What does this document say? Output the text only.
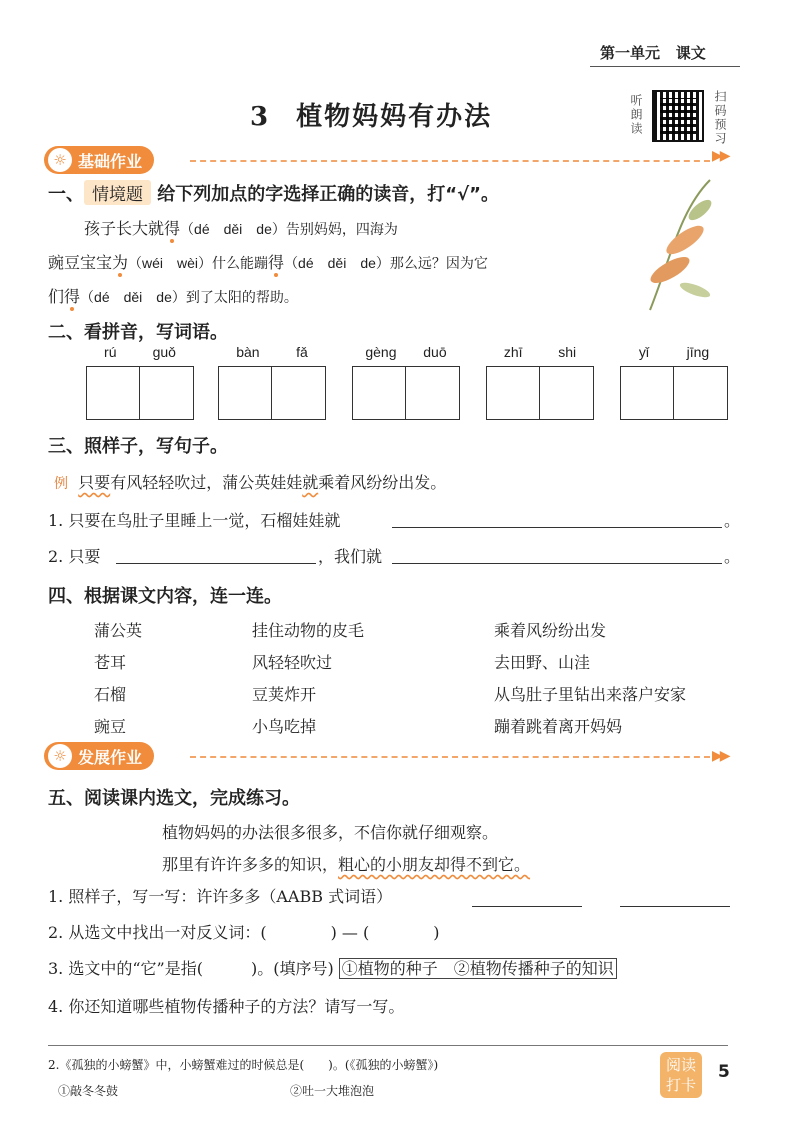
第一单元 课文
3 植物妈妈有办法	听朗读	扫码预习
▶▶
☼ 基础作业
一、 情境题 给下列加点的字选择正确的读音，打“√”。
孩子长大就得（dé　děi　de）告别妈妈，四海为
豌豆宝宝为（wéi　wèi）什么能蹦得（dé　děi　de）那么远？因为它
们得（dé　děi　de）到了太阳的帮助。
二、看拼音，写词语。
rú	guǒ	bàn	fǎ	gèng duō	zhī	shi	yǐ	jīng
三、照样子，写句子。
例 只要有风轻轻吹过，蒲公英娃娃就乘着风纷纷出发。
1. 只要在鸟肚子里睡上一觉，石榴娃娃就	。
2. 只要	，我们就	。
四、根据课文内容，连一连。
蒲公英
苍耳
石榴
豌豆
挂住动物的皮毛
风轻轻吹过
豆荚炸开
小鸟吃掉
乘着风纷纷出发
去田野、山洼
从鸟肚子里钻出来落户安家
蹦着跳着离开妈妈
☼ 发展作业	▶▶
五、阅读课内选文，完成练习。
植物妈妈的办法很多很多，不信你就仔细观察。
那里有许许多多的知识，粗心的小朋友却得不到它。
1. 照样子，写一写：许许多多（AABB 式词语）
2. 从选文中找出一对反义词：(　　　　) — (　　　　)
3. 选文中的“它”是指(　　　)。(填序号) ①植物的种子　②植物传播种子的知识
4. 你还知道哪些植物传播种子的方法？请写一写。
2.《孤独的小螃蟹》中，小螃蟹难过的时候总是(　　)。(《孤独的小螃蟹》)
①敲冬冬鼓	②吐一大堆泡泡
阅读
打卡
5
